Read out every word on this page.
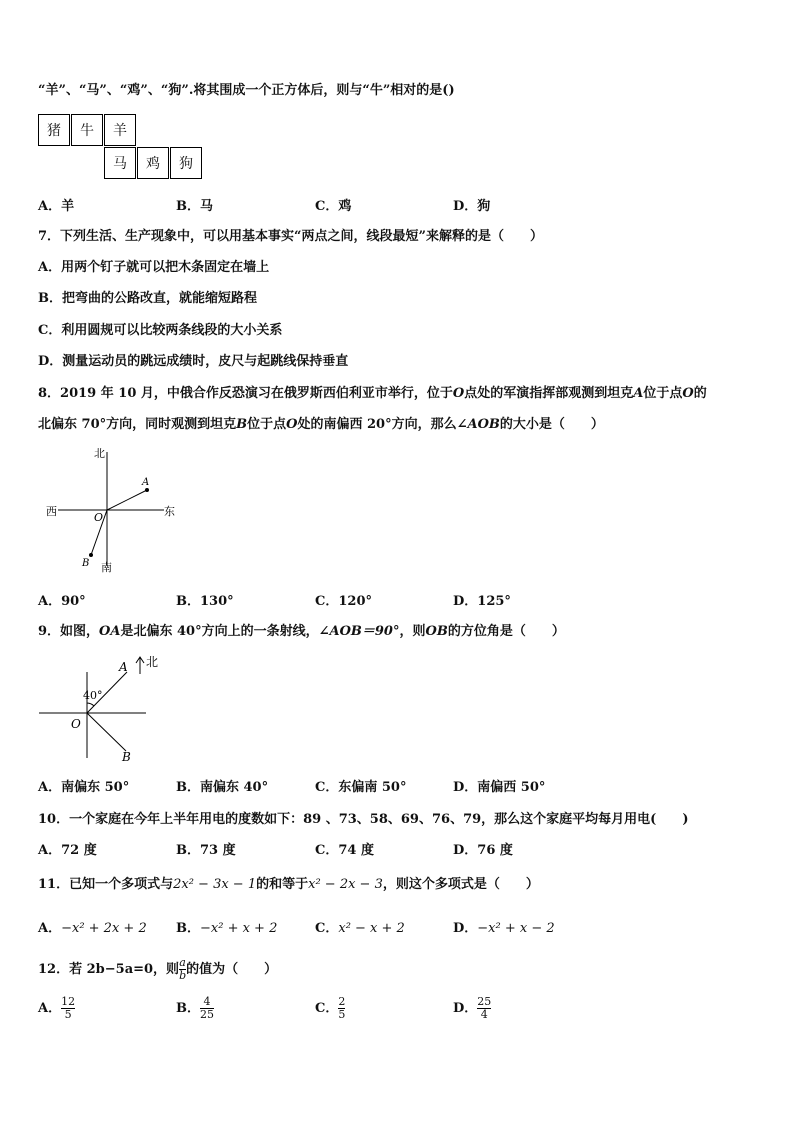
“羊”、“马”、“鸡”、“狗”.将其围成一个正方体后，则与“牛”相对的是()
猪	牛	羊
马	鸡	狗
A．羊	B．马	C．鸡	D．狗
7．下列生活、生产现象中，可以用基本事实“两点之间，线段最短”来解释的是（　　）
A．用两个钉子就可以把木条固定在墙上
B．把弯曲的公路改直，就能缩短路程
C．利用圆规可以比较两条线段的大小关系
D．测量运动员的跳远成绩时，皮尺与起跳线保持垂直
8．2019 年 10 月，中俄合作反恐演习在俄罗斯西伯利亚市举行，位于O点处的军演指挥部观测到坦克A位于点O的
北偏东 70°方向，同时观测到坦克B位于点O处的南偏西 20°方向，那么∠AOB的大小是（　　）
北
南
西	东
O
A
B
A．90°	B．130°	C．120°	D．125°
9．如图，OA是北偏东 40°方向上的一条射线，∠AOB＝90°，则OB的方位角是（　　）
北
A
B
O
40°
A．南偏东 50°	B．南偏东 40°	C．东偏南 50°	D．南偏西 50°
10．一个家庭在今年上半年用电的度数如下：89 、73、58、69、76、79，那么这个家庭平均每月用电(　　)
A．72 度	B．73 度	C．74 度	D．76 度
11．已知一个多项式与2x² − 3x − 1的和等于x² − 2x − 3，则这个多项式是（　　）
A．−x² + 2x + 2 B．−x² + x + 2	C．x² − x + 2	D．−x² + x − 2
12．若 2b−5a=0，则 $\frac{a}{b}$ 的值为（　　）
A． $\frac{12}{5}$	B． $\frac{4}{25}$	C． $\frac{2}{5}$	D． $\frac{25}{4}$
